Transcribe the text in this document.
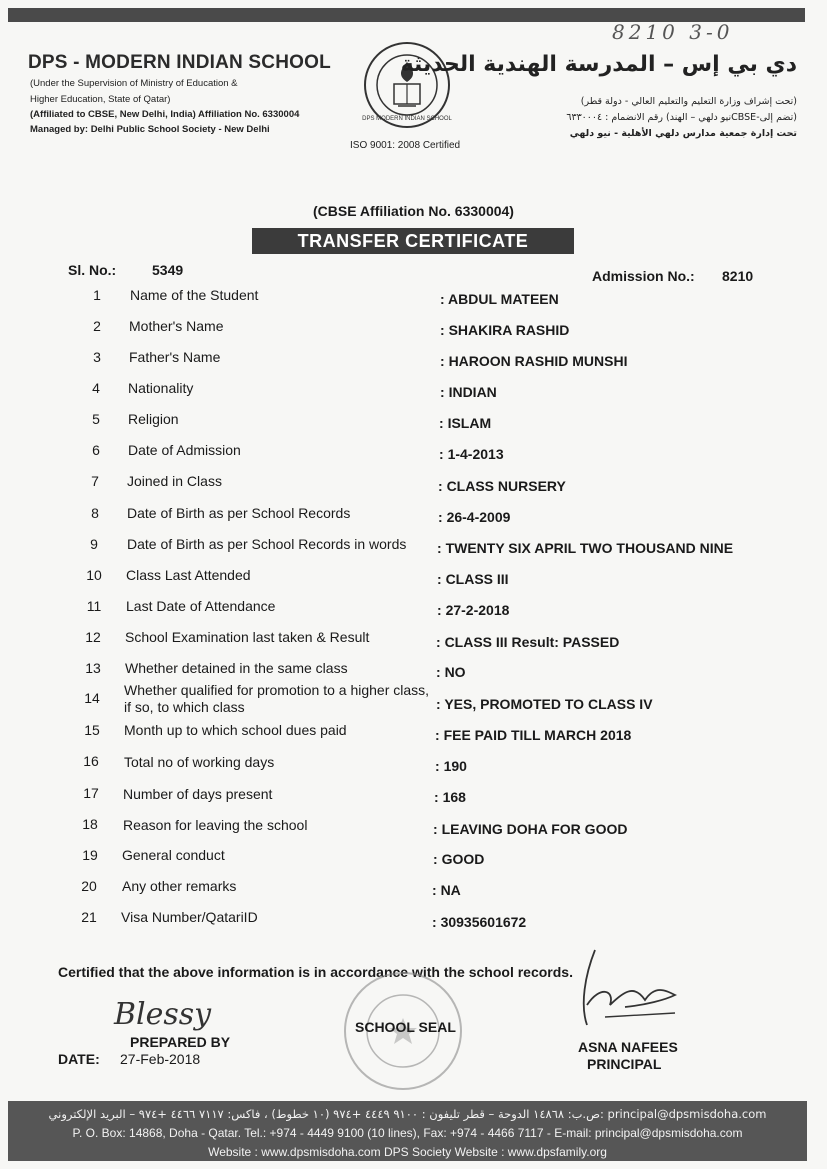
DPS - MODERN INDIAN SCHOOL
(Under the Supervision of Ministry of Education &
Higher Education, State of Qatar)
(Affiliated to CBSE, New Delhi, India) Affiliation No. 6330004
Managed by: Delhi Public School Society - New Delhi
8210 3-0
DPS MODERN INDIAN SCHOOL
ISO 9001: 2008 Certified
دي بي إس – المدرسة الهندية الحديثة
(تحت إشراف وزارة التعليم والتعليم العالي - دولة قطر)
(تضم إلى-CBSEنيو دلهي – الهند) رقم الانضمام : ٦٣٣٠٠٠٤
تحت إدارة جمعية مدارس دلهي الأهلية - نيو دلهي
(CBSE Affiliation No. 6330004)
TRANSFER CERTIFICATE
Sl. No.:	5349	Admission No.: 8210
1	Name of the Student	: ABDUL MATEEN
2	Mother's Name	: SHAKIRA RASHID
3	Father's Name	: HAROON RASHID MUNSHI
4	Nationality	: INDIAN
5	Religion	: ISLAM
6	Date of Admission	: 1-4-2013
7	Joined in Class	: CLASS NURSERY
8	Date of Birth as per School Records	: 26-4-2009
9	Date of Birth as per School Records in words	: TWENTY SIX APRIL TWO THOUSAND NINE
10	Class Last Attended	: CLASS III
11	Last Date of Attendance	: 27-2-2018
12	School Examination last taken & Result	: CLASS III Result: PASSED
13	Whether detained in the same class	: NO
14	Whether qualified for promotion to a higher class,
if so, to which class	: YES, PROMOTED TO CLASS IV
15	Month up to which school dues paid	: FEE PAID TILL MARCH 2018
16	Total no of working days	: 190
17	Number of days present	: 168
18	Reason for leaving the school	: LEAVING DOHA FOR GOOD
19	General conduct	: GOOD
20	Any other remarks	: NA
21	Visa Number/QatariID	: 30935601672
Certified that the above information is in accordance with the school records.
Blessy
PREPARED BY
DATE: 27-Feb-2018
SCHOOL SEAL
ASNA NAFEES
PRINCIPAL
ص.ب: ١٤٨٦٨ الدوحة – قطر تليفون : ٩١٠٠ ٤٤٤٩ +٩٧٤ (١٠ خطوط) ، فاكس: ٧١١٧ ٤٤٦٦ +٩٧٤ – البريد الإلكتروني: principal@dpsmisdoha.com
P. O. Box: 14868, Doha - Qatar. Tel.: +974 - 4449 9100 (10 lines), Fax: +974 - 4466 7117 - E-mail: principal@dpsmisdoha.com
Website : www.dpsmisdoha.com DPS Society Website : www.dpsfamily.org
